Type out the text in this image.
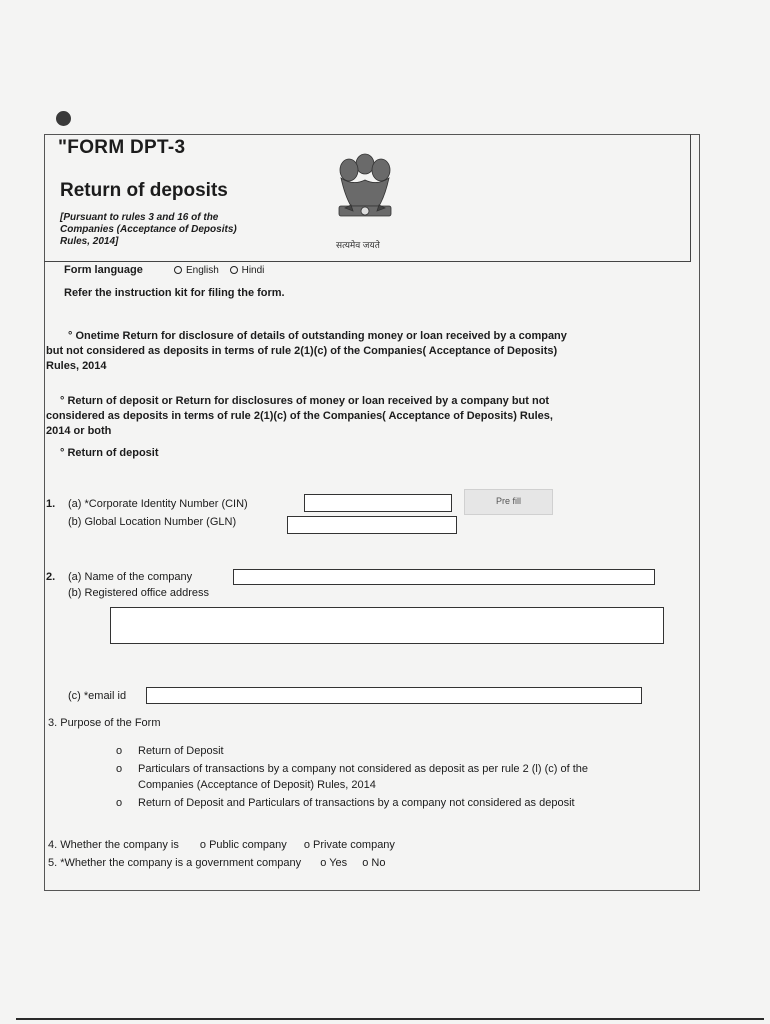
"FORM DPT-3
Return of deposits
[Pursuant to rules 3 and 16 of the
Companies (Acceptance of Deposits)
Rules, 2014]	सत्यमेव जयते
Form language	English Hindi
Refer the instruction kit for filing the form.
° Onetime Return for disclosure of details of outstanding money or loan received by a company
but not considered as deposits in terms of rule 2(1)(c) of the Companies( Acceptance of Deposits)
Rules, 2014
° Return of deposit or Return for disclosures of money or loan received by a company but not
considered as deposits in terms of rule 2(1)(c) of the Companies( Acceptance of Deposits) Rules,
2014 or both
° Return of deposit
1. (a) *Corporate Identity Number (CIN)
(b) Global Location Number (GLN)
Pre fill
2. (a) Name of the company
(b) Registered office address
(c) *email id
3. Purpose of the Form
o	Return of Deposit
o	Particulars of transactions by a company not considered as deposit as per rule 2 (l) (c) of the
Companies (Acceptance of Deposit) Rules, 2014
o	Return of Deposit and Particulars of transactions by a company not considered as deposit
4. Whether the company is o Public company o Private company
5. *Whether the company is a government company o Yes o No
